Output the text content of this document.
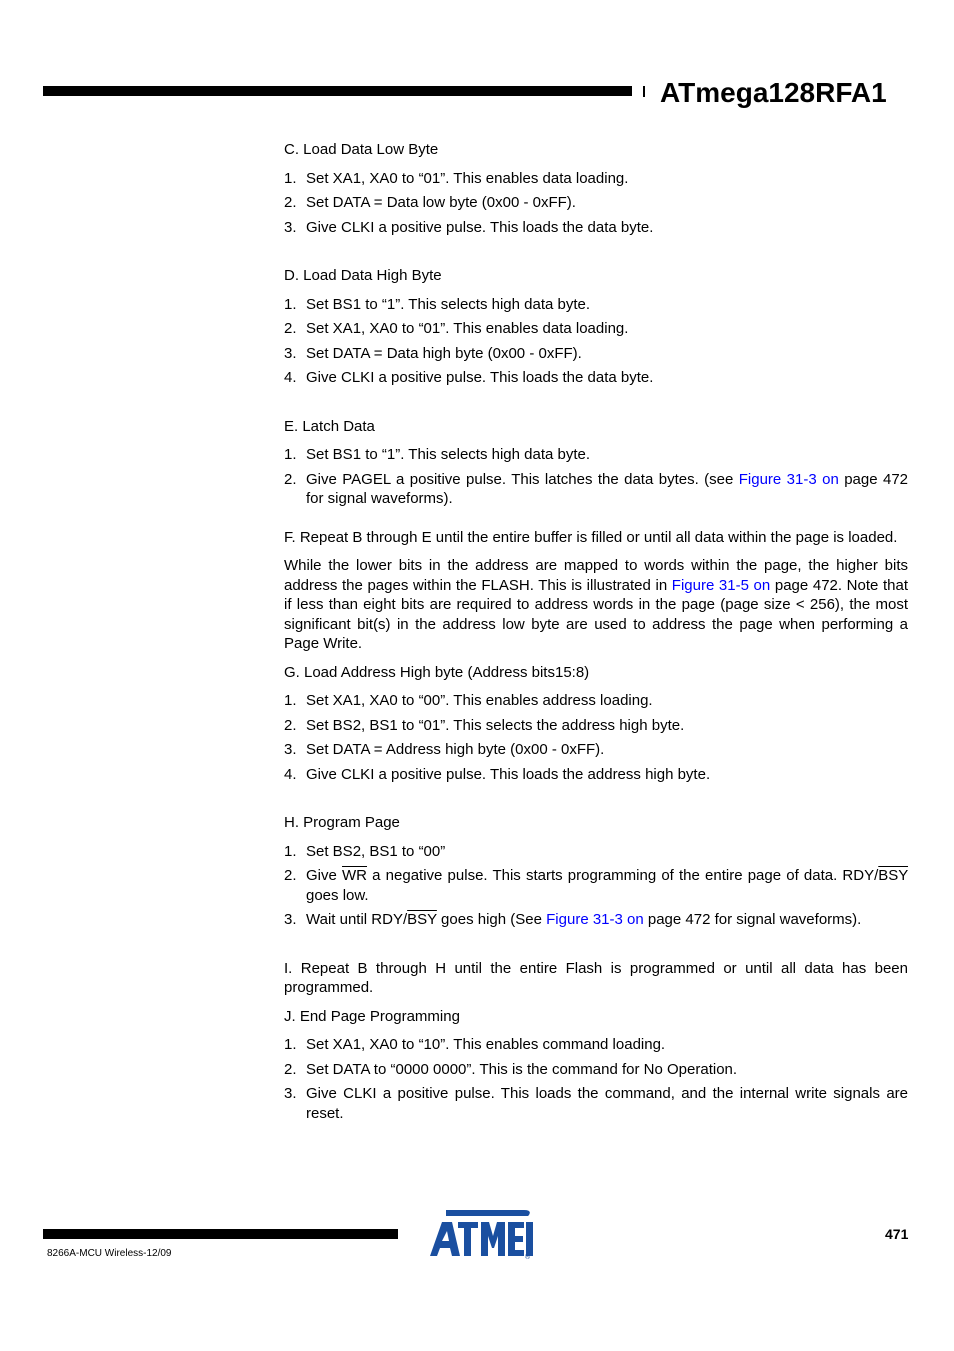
ATmega128RFA1
C. Load Data Low Byte
1. Set XA1, XA0 to “01”. This enables data loading.
2. Set DATA = Data low byte (0x00 - 0xFF).
3. Give CLKI a positive pulse. This loads the data byte.
D. Load Data High Byte
1. Set BS1 to “1”. This selects high data byte.
2. Set XA1, XA0 to “01”. This enables data loading.
3. Set DATA = Data high byte (0x00 - 0xFF).
4. Give CLKI a positive pulse. This loads the data byte.
E. Latch Data
1. Set BS1 to “1”. This selects high data byte.
2. Give PAGEL a positive pulse. This latches the data bytes. (see Figure 31-3 on page 472 for signal waveforms).

F. Repeat B through E until the entire buffer is filled or until all data within the page is loaded.

While the lower bits in the address are mapped to words within the page, the higher bits address the pages within the FLASH. This is illustrated in Figure 31-5 on page 472. Note that if less than eight bits are required to address words in the page (page size < 256), the most significant bit(s) in the address low byte are used to address the page when performing a Page Write.

G. Load Address High byte (Address bits15:8)
1. Set XA1, XA0 to “00”. This enables address loading.
2. Set BS2, BS1 to “01”. This selects the address high byte.
3. Set DATA = Address high byte (0x00 - 0xFF).
4. Give CLKI a positive pulse. This loads the address high byte.
H. Program Page
1. Set BS2, BS1 to “00”
2. Give $\overline{WR}$ a negative pulse. This starts programming of the entire page of data. RDY/$\overline{BSY}$ goes low.
3. Wait until RDY/$\overline{BSY}$ goes high (See Figure 31-3 on page 472 for signal waveforms).

I. Repeat B through H until the entire Flash is programmed or until all data has been programmed.

J. End Page Programming
1. Set XA1, XA0 to “10”. This enables command loading.
2. Set DATA to “0000 0000”. This is the command for No Operation.
3. Give CLKI a positive pulse. This loads the command, and the internal write signals are reset.
®
471
8266A-MCU Wireless-12/09
